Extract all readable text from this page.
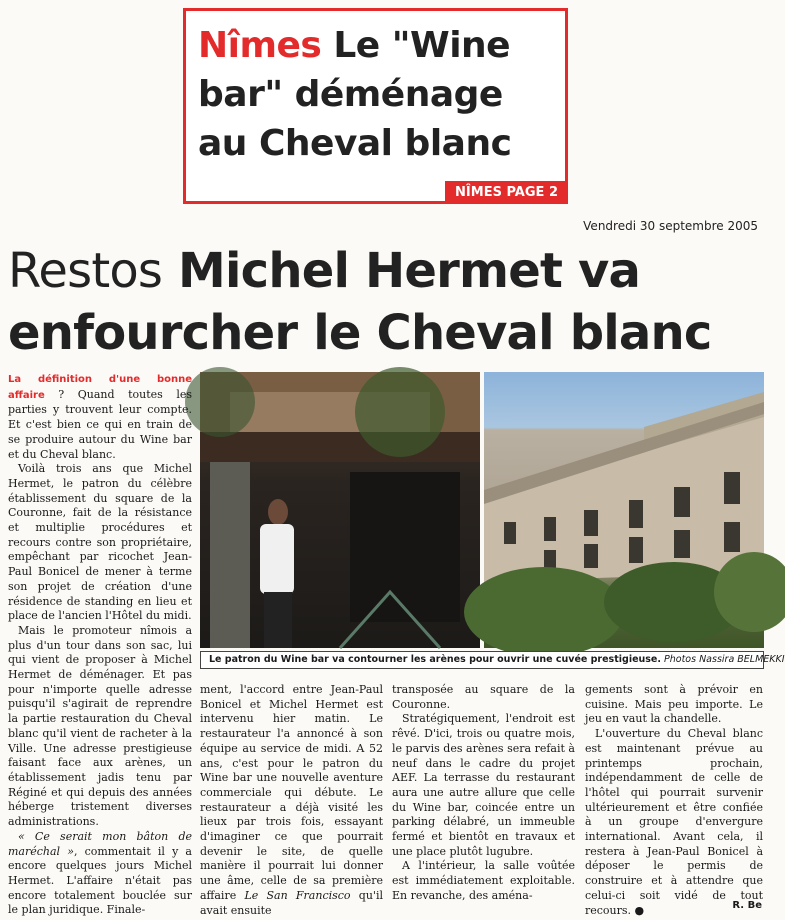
Nîmes Le "Wine bar" déménage au Cheval blanc
NÎMES PAGE 2
Vendredi 30 septembre 2005
Restos Michel Hermet va enfourcher le Cheval blanc
Le patron du Wine bar va contourner les arènes pour ouvrir une cuvée prestigieuse. Photos Nassira BELMEKKI

La définition d'une bonne affaire ? Quand toutes les parties y trouvent leur compte. Et c'est bien ce qui en train de se produire autour du Wine bar et du Cheval blanc.

Voilà trois ans que Michel Hermet, le patron du célèbre établissement du square de la Couronne, fait de la résistance et multiplie procédures et recours contre son propriétaire, empêchant par ricochet Jean-Paul Bonicel de mener à terme son projet de création d'une résidence de standing en lieu et place de l'ancien l'Hôtel du midi.

Mais le promoteur nîmois a plus d'un tour dans son sac, lui qui vient de proposer à Michel Hermet de déménager. Et pas pour n'importe quelle adresse puisqu'il s'agirait de reprendre la partie restauration du Cheval blanc qu'il vient de racheter à la Ville. Une adresse prestigieuse faisant face aux arènes, un établissement jadis tenu par Réginé et qui depuis des années héberge tristement diverses administrations.

« Ce serait mon bâton de maréchal », commentait il y a encore quelques jours Michel Hermet. L'affaire n'était pas encore totalement bouclée sur le plan juridique. Finale-

ment, l'accord entre Jean-Paul Bonicel et Michel Hermet est intervenu hier matin. Le restaurateur l'a annoncé à son équipe au service de midi. A 52 ans, c'est pour le patron du Wine bar une nouvelle aventure commerciale qui débute. Le restaurateur a déjà visité les lieux par trois fois, essayant d'imaginer ce que pourrait devenir le site, de quelle manière il pourrait lui donner une âme, celle de sa première affaire Le San Francisco qu'il avait ensuite

transposée au square de la Couronne.

Stratégiquement, l'endroit est rêvé. D'ici, trois ou quatre mois, le parvis des arènes sera refait à neuf dans le cadre du projet AEF. La terrasse du restaurant aura une autre allure que celle du Wine bar, coincée entre un parking délabré, un immeuble fermé et bientôt en travaux et une place plutôt lugubre.

A l'intérieur, la salle voûtée est immédiatement exploitable. En revanche, des aména-

gements sont à prévoir en cuisine. Mais peu importe. Le jeu en vaut la chandelle.

L'ouverture du Cheval blanc est maintenant prévue au printemps prochain, indépendamment de celle de l'hôtel qui pourrait survenir ultérieurement et être confiée à un groupe d'envergure international. Avant cela, il restera à Jean-Paul Bonicel à déposer le permis de construire et à attendre que celui-ci soit vidé de tout recours. ●	R. Be
